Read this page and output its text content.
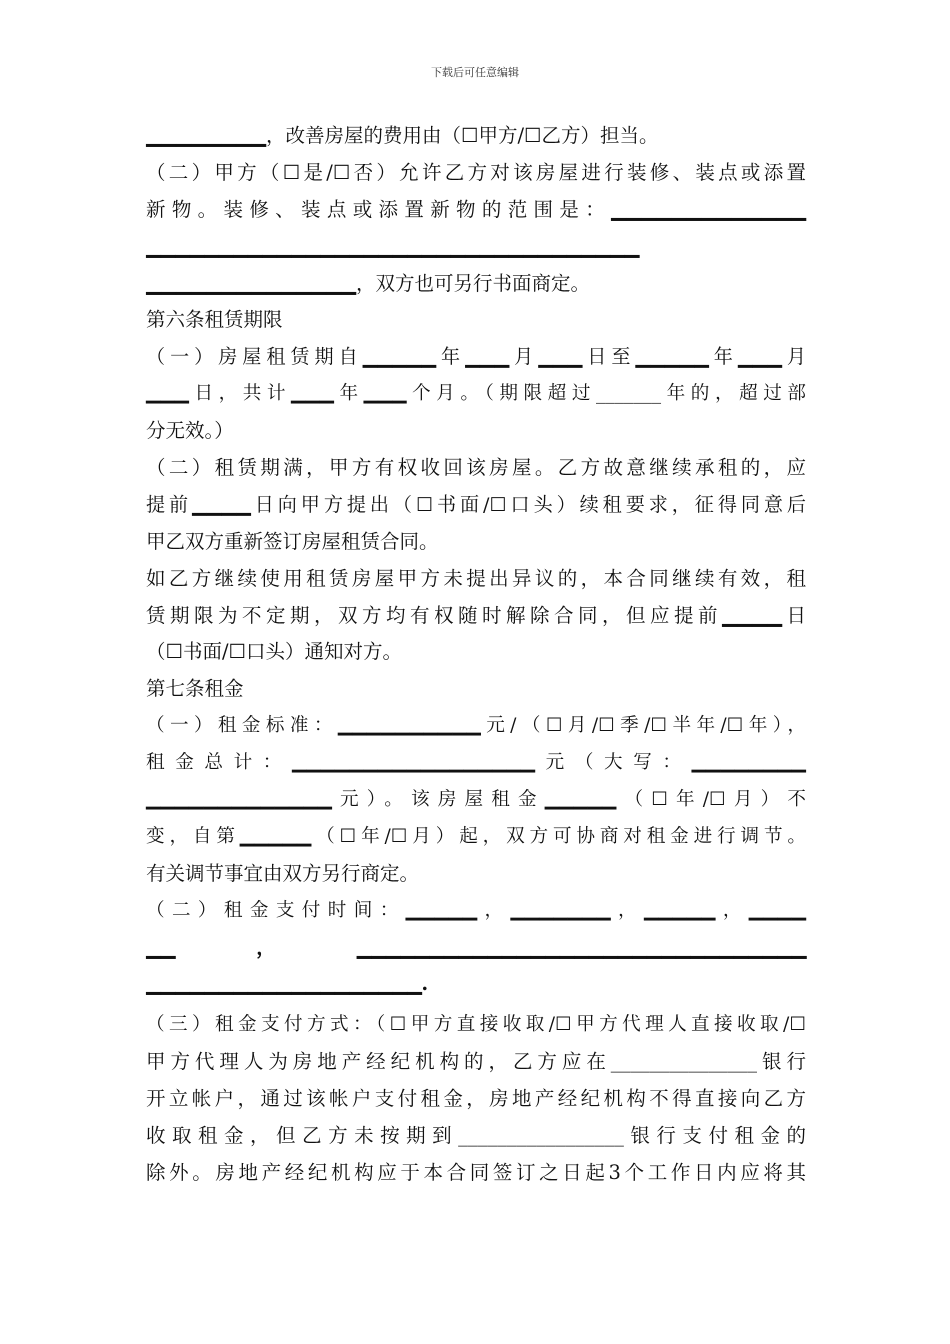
下载后可任意编辑
▁▁▁▁▁▁▁▁，改善房屋的费用由（☐甲方/☐乙方）担当。
（二）甲方（☐是/☐否）允许乙方对该房屋进行装修、装点或添置
新物。装修、装点或添置新物的范围是：▁▁▁▁▁▁▁▁▁▁▁▁▁
▁▁▁▁▁▁▁▁▁▁▁▁▁▁▁▁▁▁▁▁▁▁▁▁▁▁▁▁▁▁▁▁▁▁
▁▁▁▁▁▁▁▁▁▁▁▁▁▁，双方也可另行书面商定。
第六条租赁期限
（一）房屋租赁期自▁▁▁▁▁年▁▁▁月▁▁▁日至▁▁▁▁▁年▁▁▁月
▁▁▁日，共计▁▁▁年▁▁▁个月。（期限超过_______年的，超过部
分无效。）
（二）租赁期满，甲方有权收回该房屋。乙方故意继续承租的，应
提前▁▁▁▁日向甲方提出（☐书面/☐口头）续租要求，征得同意后
甲乙双方重新签订房屋租赁合同。
如乙方继续使用租赁房屋甲方未提出异议的，本合同继续有效，租
赁期限为不定期，双方均有权随时解除合同，但应提前▁▁▁▁日
（☐书面/☐口头）通知对方。
第七条租金
（一）租金标准：▁▁▁▁▁▁▁▁▁▁元/（☐月/☐季/☐半年/☐年），
租金总计：▁▁▁▁▁▁▁▁▁▁▁▁▁▁▁▁▁元（大写：▁▁▁▁▁▁▁▁
▁▁▁▁▁▁▁▁▁▁▁▁▁元）。该房屋租金▁▁▁▁▁（☐年/☐月）不
变，自第▁▁▁▁▁（☐年/☐月）起，双方可协商对租金进行调节。
有关调节事宜由双方另行商定。
（二）租金支付时间：▁▁▁▁▁，▁▁▁▁▁▁▁，▁▁▁▁▁，▁▁▁▁
▁▁，▁▁▁▁▁▁▁▁▁▁▁▁▁▁▁▁▁▁▁▁▁▁▁▁▁▁▁▁▁▁▁
▁▁▁▁▁▁▁▁▁▁▁▁▁▁▁▁▁▁▁.
（三）租金支付方式：（☐甲方直接收取/☐甲方代理人直接收取/☐
甲方代理人为房地产经纪机构的，乙方应在_______________银行
开立帐户，通过该帐户支付租金，房地产经纪机构不得直接向乙方
收取租金，但乙方未按期到_________________银行支付租金的
除外。房地产经纪机构应于本合同签订之日起3个工作日内应将其
